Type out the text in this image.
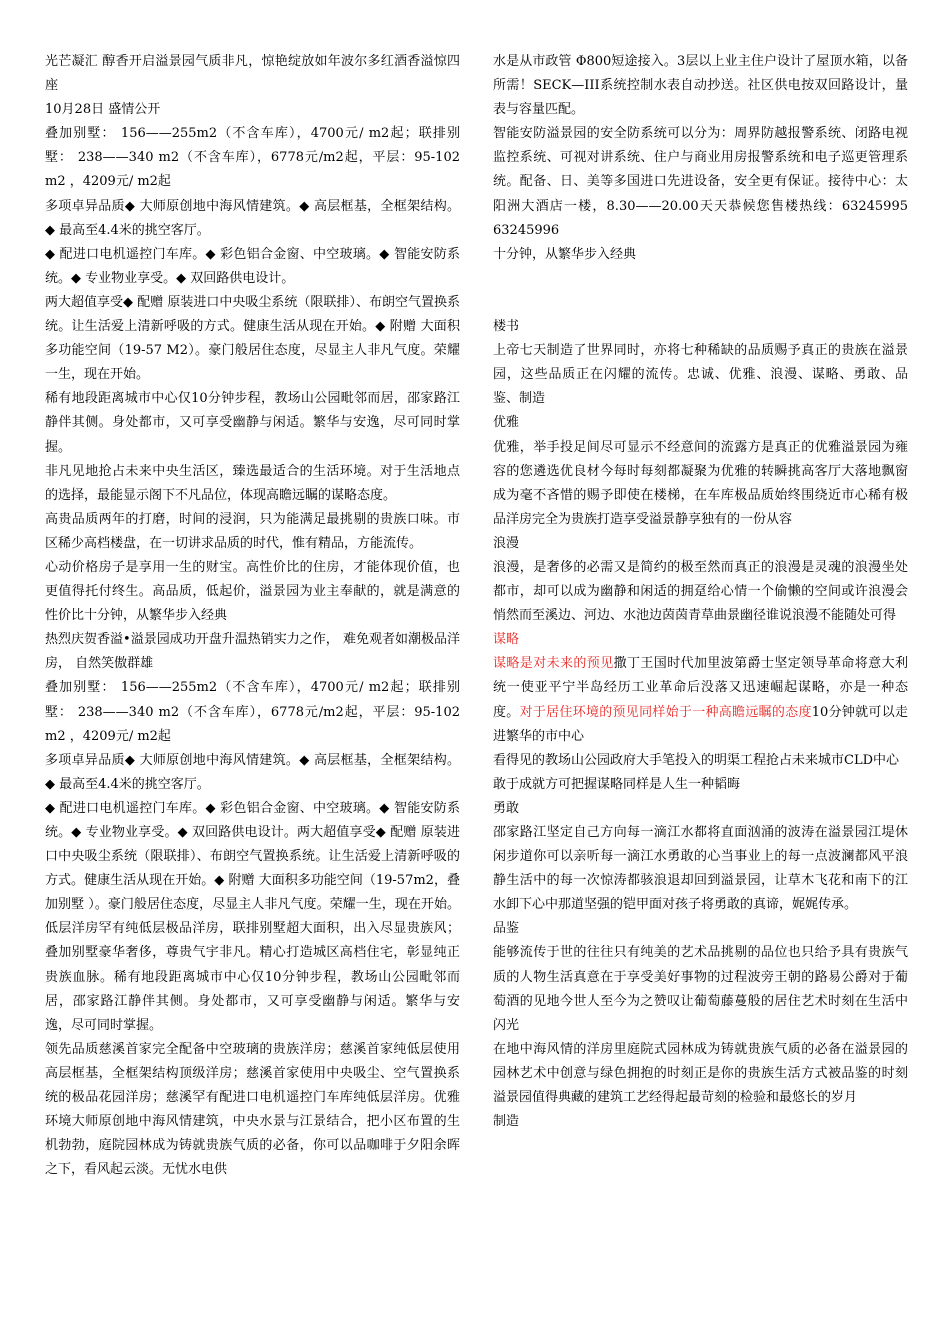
光芒凝汇 醇香开启溢景园气质非凡，惊艳绽放如年波尔多红酒香溢惊四座

10月28日 盛情公开

叠加别墅： 156——255m2（不含车库），4700元/ m2起；联排别墅： 238——340 m2（不含车库），6778元/m2起，平层：95-102 m2 ，4209元/ m2起

多项卓异品质◆ 大师原创地中海风情建筑。◆ 高层框基，全框架结构。◆ 最高至4.4米的挑空客厅。

◆ 配进口电机遥控门车库。◆ 彩色铝合金窗、中空玻璃。◆ 智能安防系统。◆ 专业物业享受。◆ 双回路供电设计。

两大超值享受◆ 配赠 原装进口中央吸尘系统（限联排）、布朗空气置换系统。让生活爱上清新呼吸的方式。健康生活从现在开始。◆ 附赠 大面积多功能空间（19-57 M2）。豪门般居住态度，尽显主人非凡气度。荣耀一生，现在开始。

稀有地段距离城市中心仅10分钟步程，教场山公园毗邻而居，邵家路江静伴其侧。身处都市，又可享受幽静与闲适。繁华与安逸，尽可同时掌握。

非凡见地抢占未来中央生活区，臻选最适合的生活环境。对于生活地点的选择，最能显示阁下不凡品位，体现高瞻远瞩的谋略态度。

高贵品质两年的打磨，时间的浸润，只为能满足最挑剔的贵族口味。市区稀少高档楼盘，在一切讲求品质的时代，惟有精品，方能流传。

心动价格房子是享用一生的财宝。高性价比的住房，才能体现价值，也更值得托付终生。高品质，低起价，溢景园为业主奉献的，就是满意的性价比十分钟，从繁华步入经典

热烈庆贺香溢•溢景园成功开盘升温热销实力之作， 难免观者如潮极品洋房， 自然笑傲群雄

叠加别墅： 156——255m2（不含车库），4700元/ m2起；联排别墅： 238——340 m2（不含车库），6778元/m2起，平层：95-102 m2 ，4209元/ m2起

多项卓异品质◆ 大师原创地中海风情建筑。◆ 高层框基，全框架结构。◆ 最高至4.4米的挑空客厅。

◆ 配进口电机遥控门车库。◆ 彩色铝合金窗、中空玻璃。◆ 智能安防系统。◆ 专业物业享受。◆ 双回路供电设计。两大超值享受◆ 配赠 原装进口中央吸尘系统（限联排）、布朗空气置换系统。让生活爱上清新呼吸的方式。健康生活从现在开始。◆ 附赠 大面积多功能空间（19-57m2，叠加别墅 ）。豪门般居住态度，尽显主人非凡气度。荣耀一生，现在开始。低层洋房罕有纯低层极品洋房，联排别墅超大面积，出入尽显贵族风；叠加别墅豪华奢侈，尊贵气宇非凡。精心打造城区高档住宅，彰显纯正贵族血脉。稀有地段距离城市中心仅10分钟步程，教场山公园毗邻而居，邵家路江静伴其侧。身处都市，又可享受幽静与闲适。繁华与安逸，尽可同时掌握。

领先品质慈溪首家完全配备中空玻璃的贵族洋房；慈溪首家纯低层使用高层框基，全框架结构顶级洋房；慈溪首家使用中央吸尘、空气置换系统的极品花园洋房；慈溪罕有配进口电机遥控门车库纯低层洋房。优雅环境大师原创地中海风情建筑，中央水景与江景结合，把小区布置的生机勃勃，庭院园林成为铸就贵族气质的必备，你可以品咖啡于夕阳余晖之下，看风起云淡。无忧水电供

水是从市政管 Φ800短途接入。3层以上业主住户设计了屋顶水箱，以备所需！SECK—III系统控制水表自动抄送。社区供电按双回路设计，量表与容量匹配。

智能安防溢景园的安全防系统可以分为：周界防越报警系统、闭路电视监控系统、可视对讲系统、住户与商业用房报警系统和电子巡更管理系统。配备、日、美等多国进口先进设备，安全更有保证。接待中心：太阳洲大酒店一楼，8.30——20.00天天恭候您售楼热线：63245995 63245996

十分钟，从繁华步入经典

楼书

上帝七天制造了世界同时，亦将七种稀缺的品质赐予真正的贵族在溢景园，这些品质正在闪耀的流传。忠诚、优雅、浪漫、谋略、勇敢、品鉴、制造

优雅

优雅，举手投足间尽可显示不经意间的流露方是真正的优雅溢景园为雍容的您遴选优良材今每时每刻都凝聚为优雅的转瞬挑高客厅大落地飘窗成为毫不吝惜的赐予即使在楼梯，在车库极品质始终围绕近市心稀有极品洋房完全为贵族打造享受溢景静享独有的一份从容

浪漫

浪漫，是奢侈的必需又是简约的极至然而真正的浪漫是灵魂的浪漫坐处都市，却可以成为幽静和闲适的拥趸给心情一个偷懒的空间或许浪漫会悄然而至溪边、河边、水池边茵茵青草曲景幽径谁说浪漫不能随处可得

谋略

谋略是对未来的预见撒丁王国时代加里波第爵士坚定领导革命将意大利统一使亚平宁半岛经历工业革命后没落又迅速崛起谋略，亦是一种态度。对于居住环境的预见同样始于一种高瞻远瞩的态度10分钟就可以走进繁华的市中心

看得见的教场山公园政府大手笔投入的明渠工程抢占未来城市CLD中心

敢于成就方可把握谋略同样是人生一种韬晦

勇敢

邵家路江坚定自己方向每一滴江水都将直面汹涌的波涛在溢景园江堤休闲步道你可以亲听每一滴江水勇敢的心当事业上的每一点波澜都风平浪静生活中的每一次惊涛都骇浪退却回到溢景园，让草木飞花和南下的江水卸下心中那道坚强的铠甲面对孩子将勇敢的真谛，娓娓传承。

品鉴

能够流传于世的往往只有纯美的艺术品挑剔的品位也只给予具有贵族气质的人物生活真意在于享受美好事物的过程波旁王朝的路易公爵对于葡萄酒的见地今世人至今为之赞叹让葡萄藤蔓般的居住艺术时刻在生活中闪光

在地中海风情的洋房里庭院式园林成为铸就贵族气质的必备在溢景园的园林艺术中创意与绿色拥抱的时刻正是你的贵族生活方式被品鉴的时刻溢景园值得典藏的建筑工艺经得起最苛刻的检验和最悠长的岁月

制造
